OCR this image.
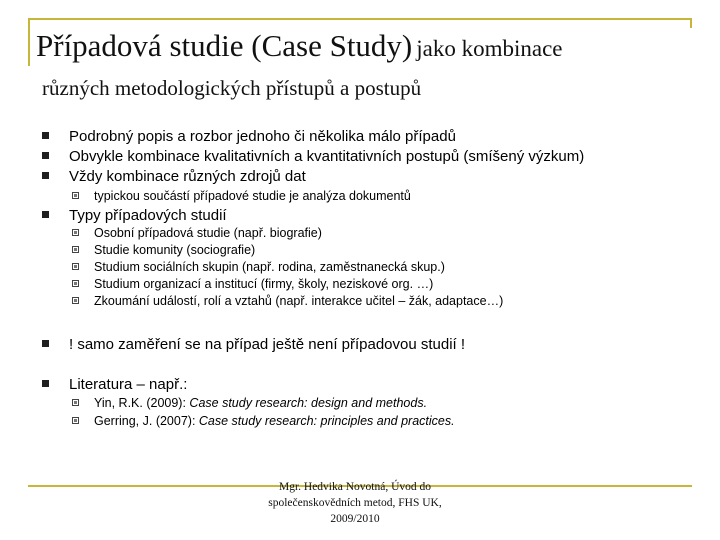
Případová studie (Case Study) jako kombinace
různých metodologických přístupů a postupů
Podrobný popis a rozbor jednoho či několika málo případů
Obvykle kombinace kvalitativních a kvantitativních postupů (smíšený výzkum)
Vždy kombinace různých zdrojů dat
typickou součástí případové studie je analýza dokumentů
Typy případových studií
Osobní případová studie (např. biografie)
Studie komunity (sociografie)
Studium sociálních skupin (např. rodina, zaměstnanecká skup.)
Studium organizací a institucí (firmy, školy, neziskové org. …)
Zkoumání událostí, rolí a vztahů (např. interakce učitel – žák, adaptace…)
! samo zaměření se na případ ještě není případovou studií !
Literatura – např.:
Yin, R.K. (2009): Case study research: design and methods.
Gerring, J. (2007): Case study research: principles and practices.
Mgr. Hedvika Novotná, Úvod do
společenskovědních metod, FHS UK,
2009/2010
